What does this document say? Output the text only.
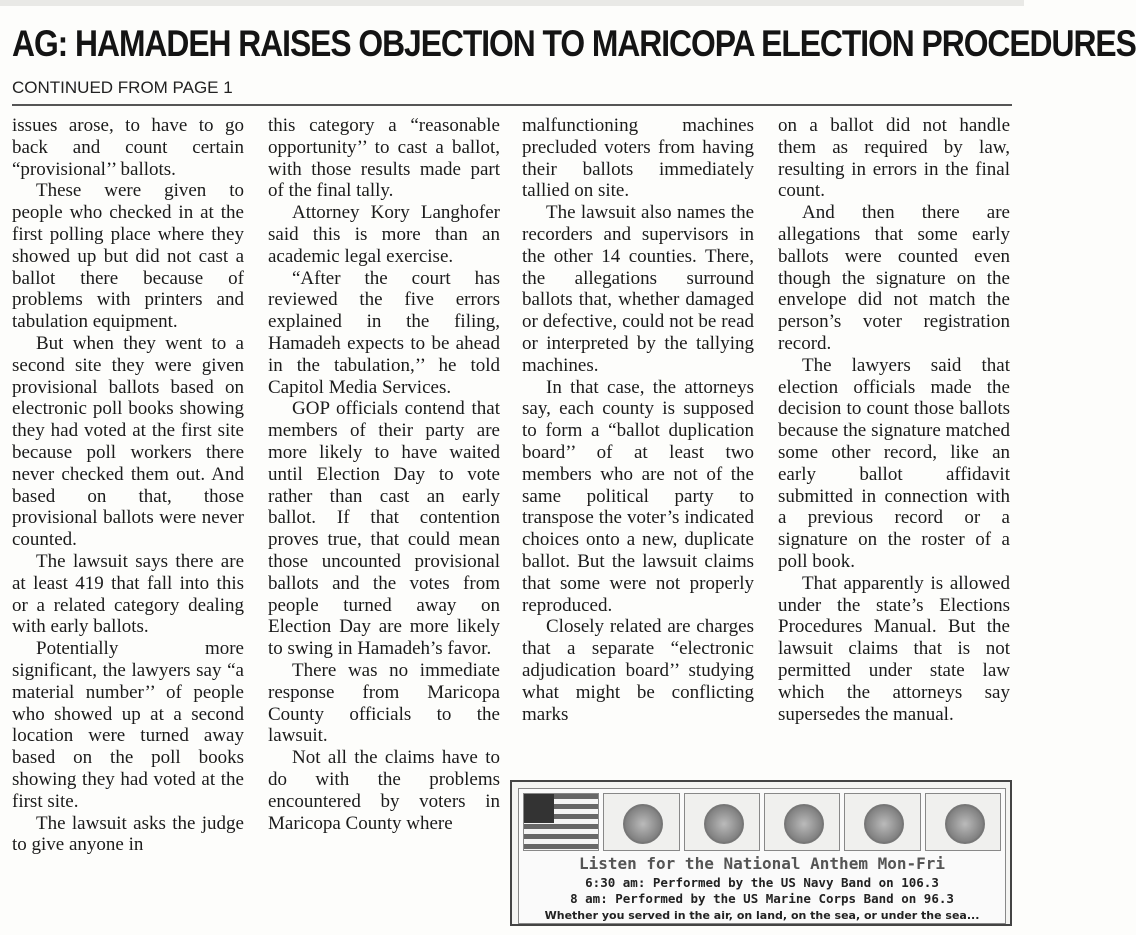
AG: HAMADEH RAISES OBJECTION TO MARICOPA ELECTION PROCEDURES
CONTINUED FROM PAGE 1

issues arose, to have to go back and count certain “provisional’’ ballots.

These were given to people who checked in at the first polling place where they showed up but did not cast a ballot there because of problems with printers and tabulation equipment.

But when they went to a second site they were given provisional ballots based on electronic poll books showing they had voted at the first site because poll workers there never checked them out. And based on that, those provisional ballots were never counted.

The lawsuit says there are at least 419 that fall into this or a related category dealing with early ballots.

Potentially more significant, the lawyers say “a material number’’ of people who showed up at a second location were turned away based on the poll books showing they had voted at the first site.

The lawsuit asks the judge to give anyone in

this category a “reasonable opportunity’’ to cast a ballot, with those results made part of the final tally.

Attorney Kory Langhofer said this is more than an academic legal exercise.

“After the court has reviewed the five errors explained in the filing, Hamadeh expects to be ahead in the tabulation,’’ he told Capitol Media Services.

GOP officials contend that members of their party are more likely to have waited until Election Day to vote rather than cast an early ballot. If that contention proves true, that could mean those uncounted provisional ballots and the votes from people turned away on Election Day are more likely to swing in Hamadeh’s favor.

There was no immediate response from Maricopa County officials to the lawsuit.

Not all the claims have to do with the problems encountered by voters in Maricopa County where

malfunctioning machines precluded voters from having their ballots immediately tallied on site.

The lawsuit also names the recorders and supervisors in the other 14 counties. There, the allegations surround ballots that, whether damaged or defective, could not be read or interpreted by the tallying machines.

In that case, the attorneys say, each county is supposed to form a “ballot duplication board’’ of at least two members who are not of the same political party to transpose the voter’s indicated choices onto a new, duplicate ballot. But the lawsuit claims that some were not properly reproduced.

Closely related are charges that a separate “electronic adjudication board’’ studying what might be conflicting marks

on a ballot did not handle them as required by law, resulting in errors in the final count.

And then there are allegations that some early ballots were counted even though the signature on the envelope did not match the person’s voter registration record.

The lawyers said that election officials made the decision to count those ballots because the signature matched some other record, like an early ballot affidavit submitted in connection with a previous record or a signature on the roster of a poll book.

That apparently is allowed under the state’s Elections Procedures Manual. But the lawsuit claims that is not permitted under state law which the attorneys say supersedes the manual.

Listen for the National Anthem Mon-Fri
6:30 am: Performed by the US Navy Band on 106.3
8 am: Performed by the US Marine Corps Band on 96.3
Whether you served in the air, on land, on the sea, or under the sea...
